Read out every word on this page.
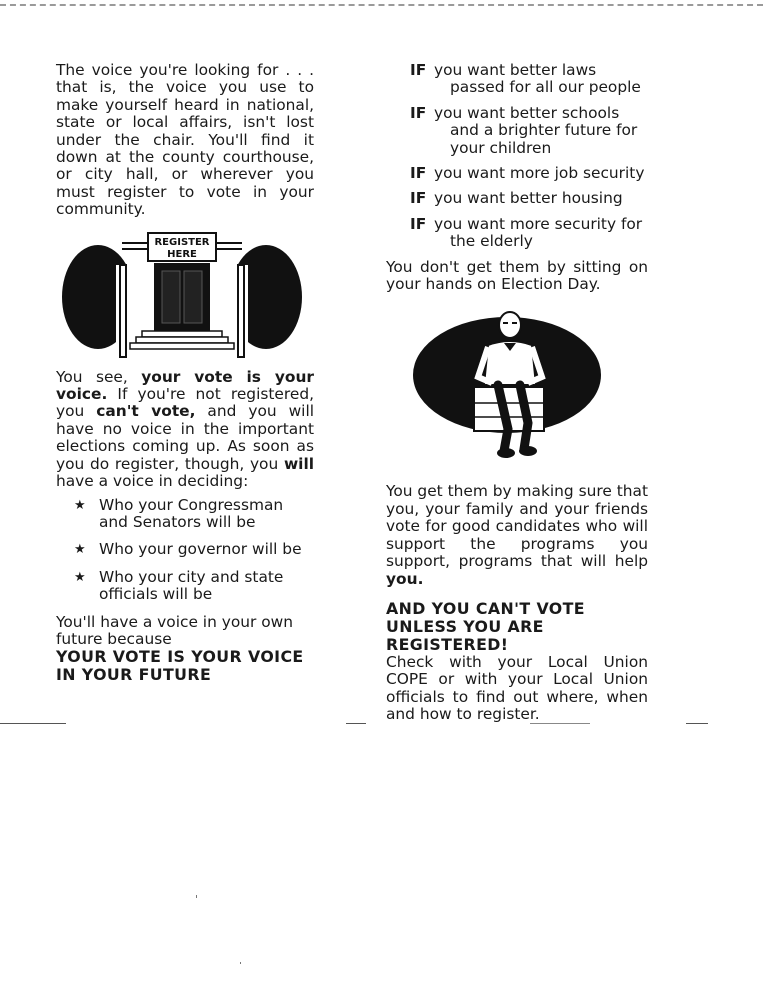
The voice you're looking for . . . that is, the voice you use to make yourself heard in national, state or local affairs, isn't lost under the chair. You'll find it down at the county courthouse, or city hall, or wherever you must register to vote in your community.

REGISTER
HERE

You see, your vote is your voice. If you're not registered, you can't vote, and you will have no voice in the important elections coming up. As soon as you do register, though, you will have a voice in deciding:

★ Who your Congressman and Senators will be
★ Who your governor will be
★ Who your city and state officials will be

You'll have a voice in your own future because

YOUR VOTE IS YOUR VOICE IN YOUR FUTURE

IF you want better laws passed for all our people
IF you want better schools and a brighter future for your children
IF you want more job security
IF you want better housing
IF you want more security for the elderly

You don't get them by sitting on your hands on Election Day.

You get them by making sure that you, your family and your friends vote for good candidates who will support the programs you support, programs that will help you.

AND YOU CAN'T VOTE UNLESS YOU ARE REGISTERED!

Check with your Local Union COPE or with your Local Union officials to find out where, when and how to register.
